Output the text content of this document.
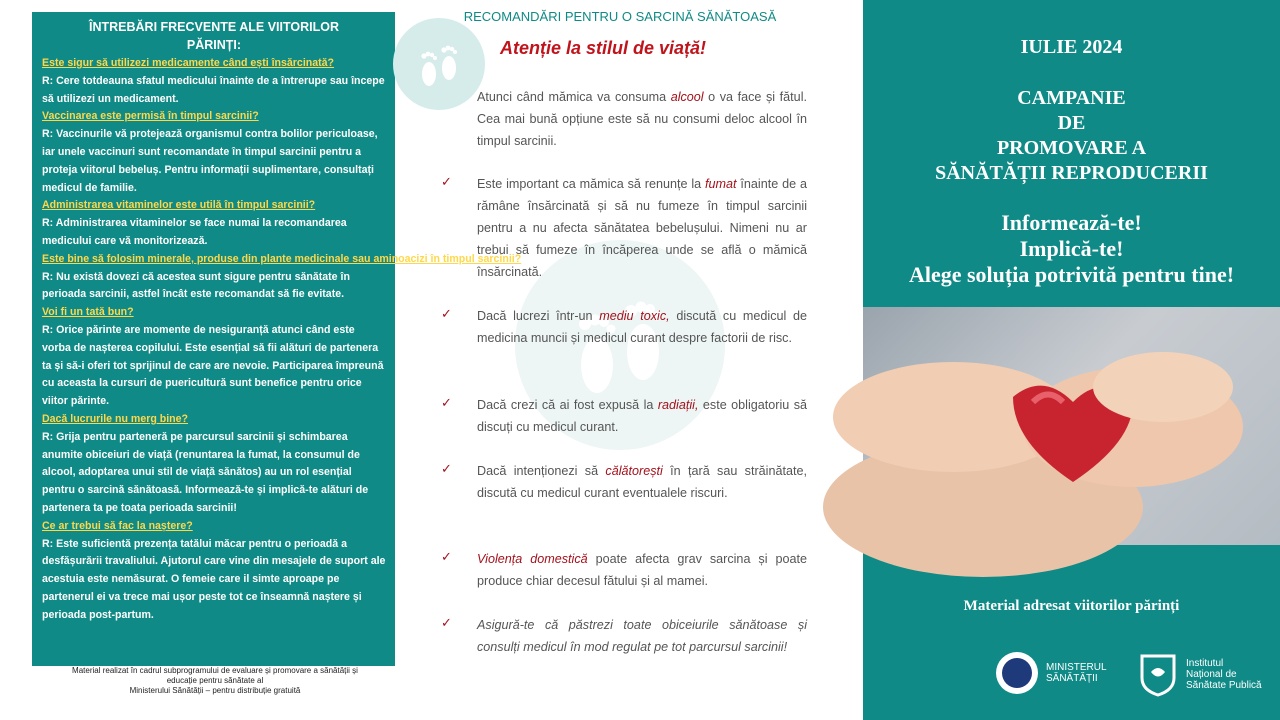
ÎNTREBĂRI FRECVENTE ALE VIITORILOR
PĂRINȚI:
Este sigur să utilizezi medicamente când ești însărcinată?
R: Cere totdeauna sfatul medicului înainte de a întrerupe sau începe să utilizezi un medicament.
Vaccinarea este permisă în timpul sarcinii?
R: Vaccinurile vă protejează organismul contra bolilor periculoase, iar unele vaccinuri sunt recomandate în timpul sarcinii pentru a proteja viitorul bebeluș. Pentru informații suplimentare, consultați medicul de familie.
Administrarea vitaminelor este utilă în timpul sarcinii?
R: Administrarea vitaminelor se face numai la recomandarea medicului care vă monitorizează.
Este bine să folosim minerale, produse din plante medicinale sau aminoacizi în timpul sarcinii?
R: Nu există dovezi că acestea sunt sigure pentru sănătate în perioada sarcinii, astfel încât este recomandat să fie evitate.
Voi fi un tată bun?
R: Orice părinte are momente de nesiguranță atunci când este vorba de nașterea copilului. Este esențial să fii alături de partenera ta și să-i oferi tot sprijinul de care are nevoie. Participarea împreună cu aceasta la cursuri de puericultură sunt benefice pentru orice viitor părinte.
Dacă lucrurile nu merg bine?
R: Grija pentru parteneră pe parcursul sarcinii și schimbarea anumite obiceiuri de viață (renuntarea la fumat, la consumul de alcool, adoptarea unui stil de viață sănătos) au un rol esențial pentru o sarcină sănătoasă. Informează-te și implică-te alături de partenera ta pe toata perioada sarcinii!
Ce ar trebui să fac la naștere?
R: Este suficientă prezența tatălui măcar pentru o perioadă a desfășurării travaliului. Ajutorul care vine din mesajele de suport ale acestuia este nemăsurat. O femeie care il simte aproape pe partenerul ei va trece mai ușor peste tot ce înseamnă naștere și perioada post-partum.
Material realizat în cadrul subprogramului de evaluare și promovare a sănătății și
educație pentru sănătate al
Ministerului Sănătății – pentru distribuție gratuită
RECOMANDĂRI PENTRU O SARCINĂ SĂNĂTOASĂ
Atenție la stilul de viață!
Atunci când mămica va consuma alcool o va face și fătul. Cea mai bună opțiune este să nu consumi deloc alcool în timpul sarcinii.
✓ Este important ca mămica să renunțe la fumat înainte de a rămâne însărcinată și să nu fumeze în timpul sarcinii pentru a nu afecta sănătatea bebelușului. Nimeni nu ar trebui să fumeze în încăperea unde se află o mămică însărcinată.
✓ Dacă lucrezi într-un mediu toxic, discută cu medicul de medicina muncii și medicul curant despre factorii de risc.
✓ Dacă crezi că ai fost expusă la radiații, este obligatoriu să discuți cu medicul curant.
✓ Dacă intenționezi să călătorești în țară sau străinătate, discută cu medicul curant eventualele riscuri.
✓ Violența domestică poate afecta grav sarcina și poate produce chiar decesul fătului și al mamei.
✓ Asigură-te că păstrezi toate obiceiurile sănătoase și consulți medicul în mod regulat pe tot parcursul sarcinii!
IULIE 2024
CAMPANIE
DE
PROMOVARE A
SĂNĂTĂȚII REPRODUCERII
Informează-te!
Implică-te!
Alege soluția potrivită pentru tine!
Material adresat viitorilor părinți
MINISTERUL
SĂNĂTĂȚII
Institutul
Național de
Sănătate Publică
